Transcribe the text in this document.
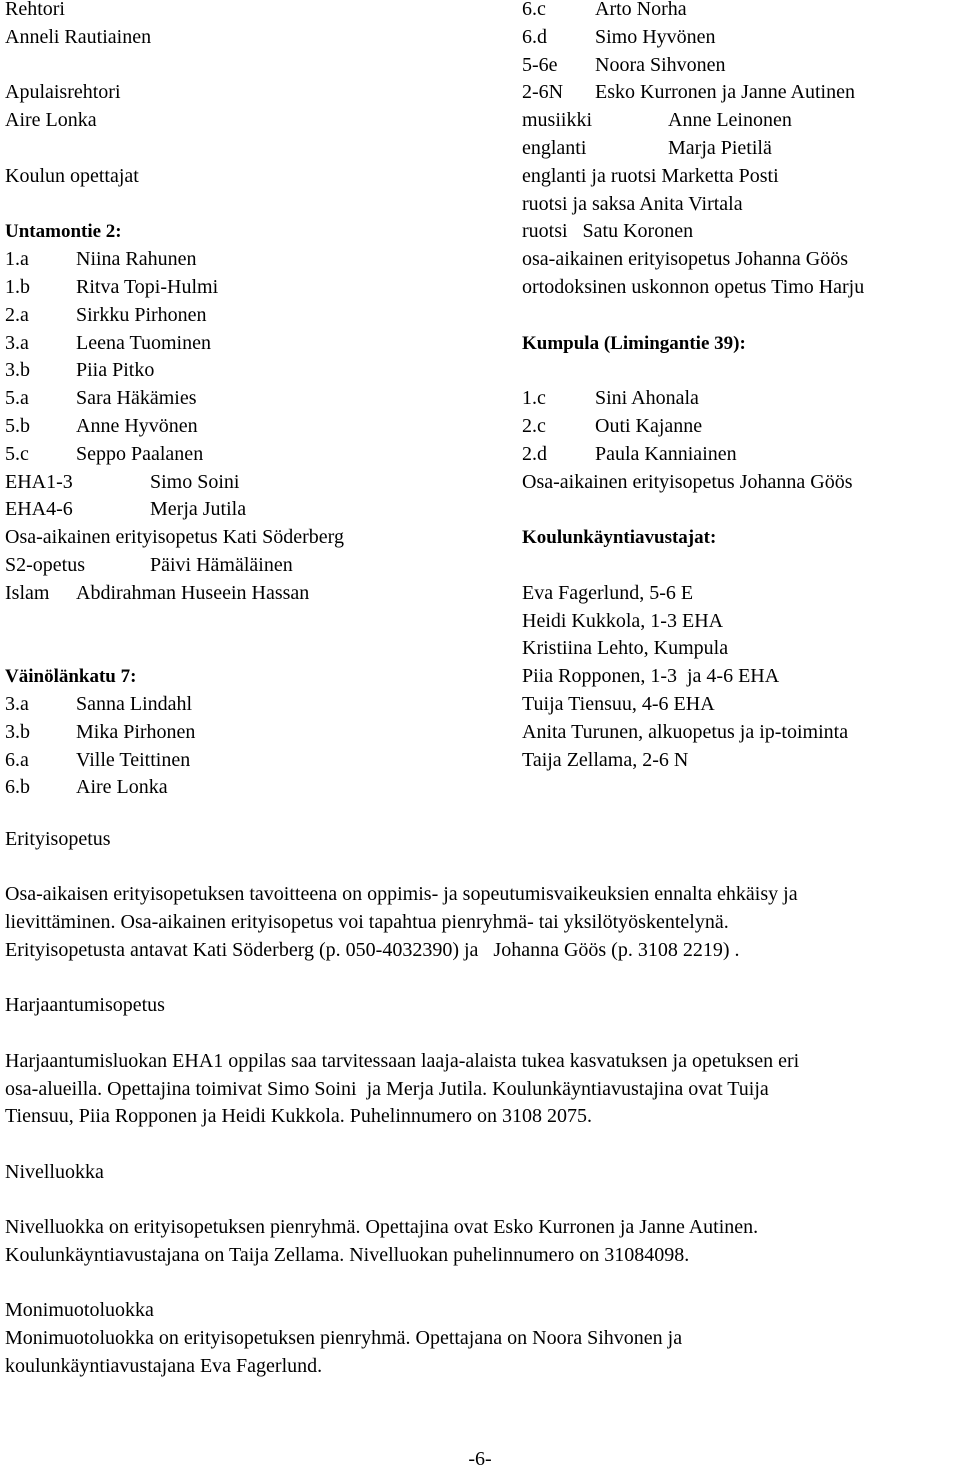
Rehtori
Anneli Rautiainen
Apulaisrehtori
Aire Lonka
Koulun opettajat
Untamontie 2:
1.a Niina Rahunen
1.b Ritva Topi-Hulmi
2.a Sirkku Pirhonen
3.a Leena Tuominen
3.b Piia Pitko
5.a Sara Häkämies
5.b Anne Hyvönen
5.c Seppo Paalanen
EHA1-3	Simo Soini
EHA4-6	Merja Jutila
Osa-aikainen erityisopetus Kati Söderberg
S2-opetus	Päivi Hämäläinen
Islam Abdirahman Huseein Hassan
Väinölänkatu 7:
3.a Sanna Lindahl
3.b Mika Pirhonen
6.a Ville Teittinen
6.b Aire Lonka
6.c Arto Norha
6.d Simo Hyvönen
5-6e Noora Sihvonen
2-6N Esko Kurronen ja Janne Autinen
musiikki	Anne Leinonen
englanti	Marja Pietilä
englanti ja ruotsi Marketta Posti
ruotsi ja saksa Anita Virtala
ruotsi   Satu Koronen
osa-aikainen erityisopetus Johanna Göös
ortodoksinen uskonnon opetus Timo Harju
Kumpula (Limingantie 39):
1.c Sini Ahonala
2.c Outi Kajanne
2.d Paula Kanniainen
Osa-aikainen erityisopetus Johanna Göös
Koulunkäyntiavustajat:
Eva Fagerlund, 5-6 E
Heidi Kukkola, 1-3 EHA
Kristiina Lehto, Kumpula
Piia Ropponen, 1-3  ja 4-6 EHA
Tuija Tiensuu, 4-6 EHA
Anita Turunen, alkuopetus ja ip-toiminta
Taija Zellama, 2-6 N
Erityisopetus
Osa-aikaisen erityisopetuksen tavoitteena on oppimis- ja sopeutumisvaikeuksien ennalta ehkäisy ja
lievittäminen. Osa-aikainen erityisopetus voi tapahtua pienryhmä- tai yksilötyöskentelynä.
Erityisopetusta antavat Kati Söderberg (p. 050-4032390) ja   Johanna Göös (p. 3108 2219) .
Harjaantumisopetus
Harjaantumisluokan EHA1 oppilas saa tarvitessaan laaja-alaista tukea kasvatuksen ja opetuksen eri
osa-alueilla. Opettajina toimivat Simo Soini  ja Merja Jutila. Koulunkäyntiavustajina ovat Tuija
Tiensuu, Piia Ropponen ja Heidi Kukkola. Puhelinnumero on 3108 2075.
Nivelluokka
Nivelluokka on erityisopetuksen pienryhmä. Opettajina ovat Esko Kurronen ja Janne Autinen.
Koulunkäyntiavustajana on Taija Zellama. Nivelluokan puhelinnumero on 31084098.
Monimuotoluokka
Monimuotoluokka on erityisopetuksen pienryhmä. Opettajana on Noora Sihvonen ja
koulunkäyntiavustajana Eva Fagerlund.
-6-
